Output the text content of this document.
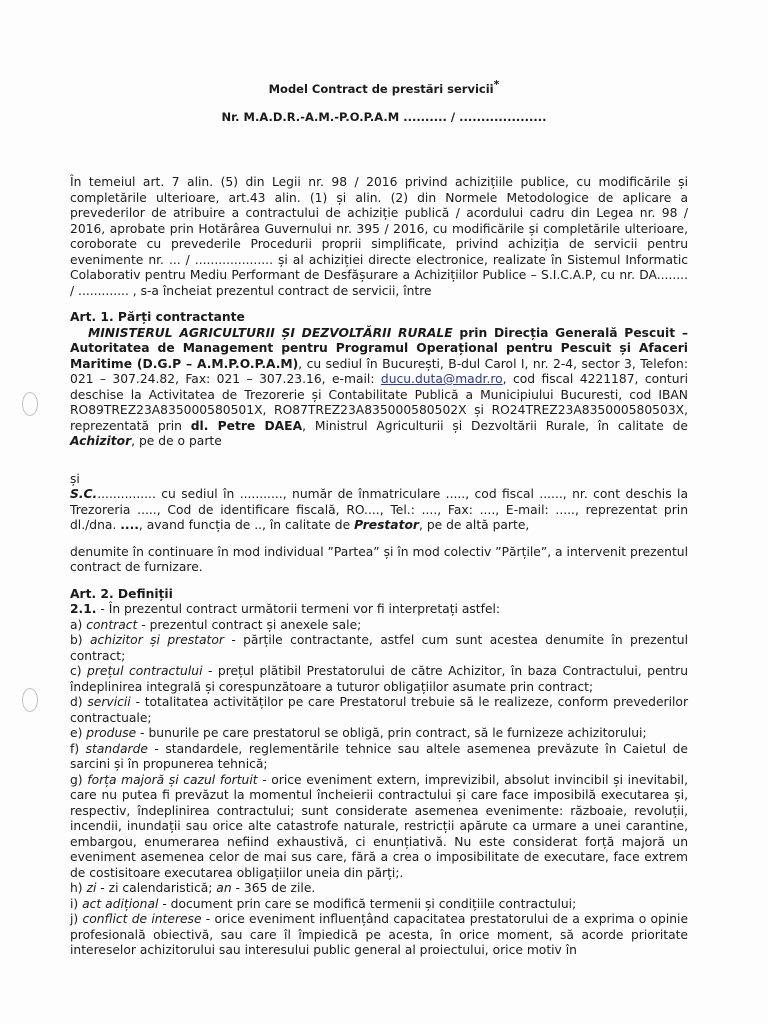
Model Contract de prestări servicii*
Nr. M.A.D.R.-A.M.-P.O.P.A.M .......... / ....................

În temeiul art. 7 alin. (5) din Legii nr. 98 / 2016 privind achizițiile publice, cu modificările și completările ulterioare, art.43 alin. (1) și alin. (2) din Normele Metodologice de aplicare a prevederilor de atribuire a contractului de achiziție publică / acordului cadru din Legea nr. 98 / 2016, aprobate prin Hotărârea Guvernului nr. 395 / 2016, cu modificările și completările ulterioare, coroborate cu prevederile Procedurii proprii simplificate, privind achiziția de servicii pentru evenimente nr. ... / .................... și al achiziției directe electronice, realizate în Sistemul Informatic Colaborativ pentru Mediu Performant de Desfășurare a Achizițiilor Publice – S.I.C.A.P, cu nr. DA........ / ............. , s-a încheiat prezentul contract de servicii, între

Art. 1. Părți contractante

MINISTERUL AGRICULTURII ȘI DEZVOLTĂRII RURALE prin Direcția Generală Pescuit – Autoritatea de Management pentru Programul Operațional pentru Pescuit și Afaceri Maritime (D.G.P – A.M.P.O.P.A.M), cu sediul în București, B-dul Carol I, nr. 2-4, sector 3, Telefon: 021 – 307.24.82, Fax: 021 – 307.23.16, e-mail: ducu.duta@madr.ro, cod fiscal 4221187, conturi deschise la Activitatea de Trezorerie și Contabilitate Publică a Municipiului Bucuresti, cod IBAN RO89TREZ23A835000580501X, RO87TREZ23A835000580502X și RO24TREZ23A835000580503X, reprezentată prin dl. Petre DAEA, Ministrul Agriculturii și Dezvoltării Rurale, în calitate de Achizitor, pe de o parte

și

S.C................ cu sediul în ..........., număr de înmatriculare ....., cod fiscal ......, nr. cont deschis la Trezoreria ....., Cod de identificare fiscală, RO...., Tel.: ...., Fax: ...., E-mail: ....., reprezentat prin dl./dna. ...., avand funcția de .., în calitate de Prestator, pe de altă parte,

denumite în continuare în mod individual ”Partea” și în mod colectiv ”Părțile”, a intervenit prezentul contract de furnizare.

Art. 2. Definiții

2.1. - În prezentul contract următorii termeni vor fi interpretați astfel:

a) contract - prezentul contract și anexele sale;

b) achizitor și prestator - părțile contractante, astfel cum sunt acestea denumite în prezentul contract;

c) prețul contractului - prețul plătibil Prestatorului de către Achizitor, în baza Contractului, pentru îndeplinirea integrală și corespunzătoare a tuturor obligațiilor asumate prin contract;

d) servicii - totalitatea activităților pe care Prestatorul trebuie să le realizeze, conform prevederilor contractuale;

e) produse - bunurile pe care prestatorul se obligă, prin contract, să le furnizeze achizitorului;

f) standarde - standardele, reglementările tehnice sau altele asemenea prevăzute în Caietul de sarcini și în propunerea tehnică;

g) forța majoră și cazul fortuit - orice eveniment extern, imprevizibil, absolut invincibil și inevitabil, care nu putea fi prevăzut la momentul încheierii contractului și care face imposibilă executarea și, respectiv, îndeplinirea contractului; sunt considerate asemenea evenimente: războaie, revoluții, incendii, inundații sau orice alte catastrofe naturale, restricții apărute ca urmare a unei carantine, embargou, enumerarea nefiind exhaustivă, ci enunțiativă. Nu este considerat forță majoră un eveniment asemenea celor de mai sus care, fără a crea o imposibilitate de executare, face extrem de costisitoare executarea obligațiilor uneia din părți;.

h) zi - zi calendaristică; an - 365 de zile.

i) act adițional - document prin care se modifică termenii și condițiile contractului;

j) conflict de interese - orice eveniment influențând capacitatea prestatorului de a exprima o opinie profesională obiectivă, sau care îl împiedică pe acesta, în orice moment, să acorde prioritate intereselor achizitorului sau interesului public general al proiectului, orice motiv în
